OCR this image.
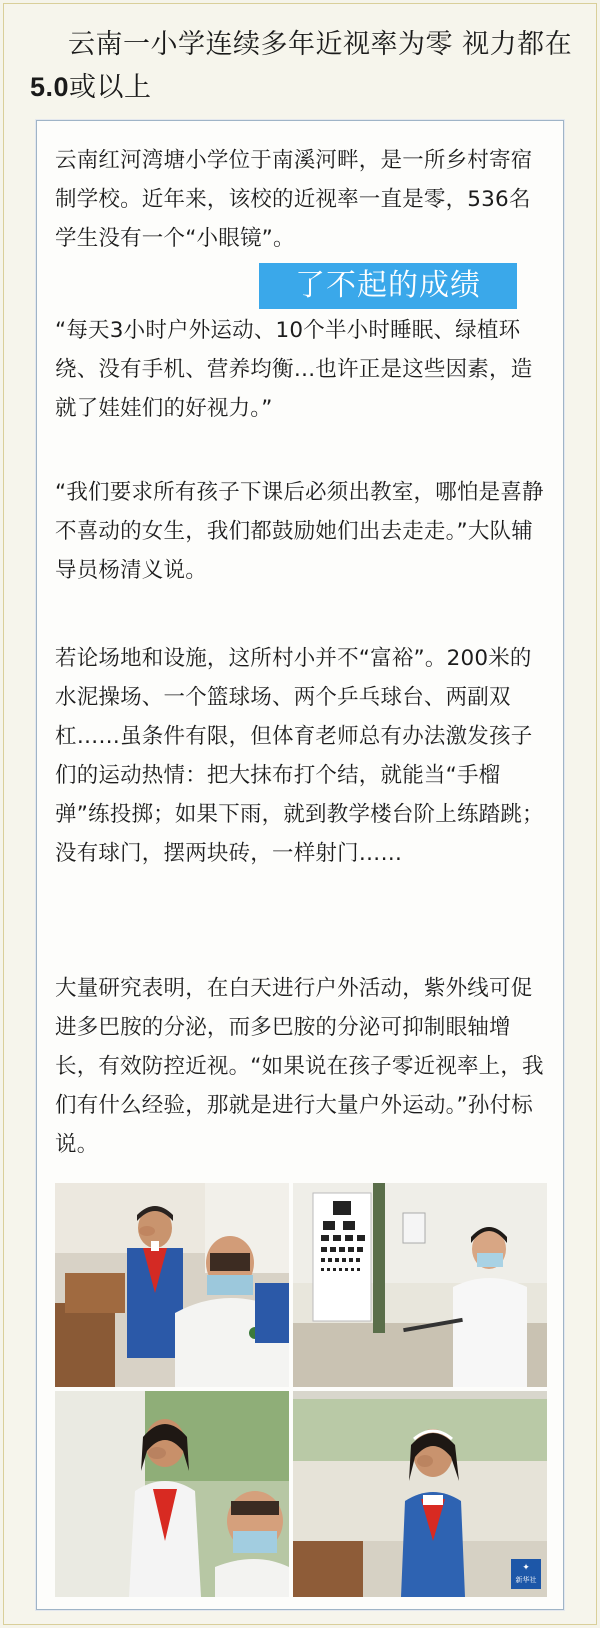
云南一小学连续多年近视率为零 视力都在5.0或以上

云南红河湾塘小学位于南溪河畔，是一所乡村寄宿制学校。近年来，该校的近视率一直是零，536名学生没有一个“小眼镜”。

了不起的成绩

“每天3小时户外运动、10个半小时睡眠、绿植环绕、没有手机、营养均衡…也许正是这些因素，造就了娃娃们的好视力。”

“我们要求所有孩子下课后必须出教室，哪怕是喜静不喜动的女生，我们都鼓励她们出去走走。”大队辅导员杨清义说。

若论场地和设施，这所村小并不“富裕”。200米的水泥操场、一个篮球场、两个乒乓球台、两副双杠……虽条件有限，但体育老师总有办法激发孩子们的运动热情：把大抹布打个结，就能当“手榴弹”练投掷；如果下雨，就到教学楼台阶上练踏跳；没有球门，摆两块砖，一样射门……

大量研究表明，在白天进行户外活动，紫外线可促进多巴胺的分泌，而多巴胺的分泌可抑制眼轴增长，有效防控近视。“如果说在孩子零近视率上，我们有什么经验，那就是进行大量户外运动。”孙付标说。

✦
新华社
